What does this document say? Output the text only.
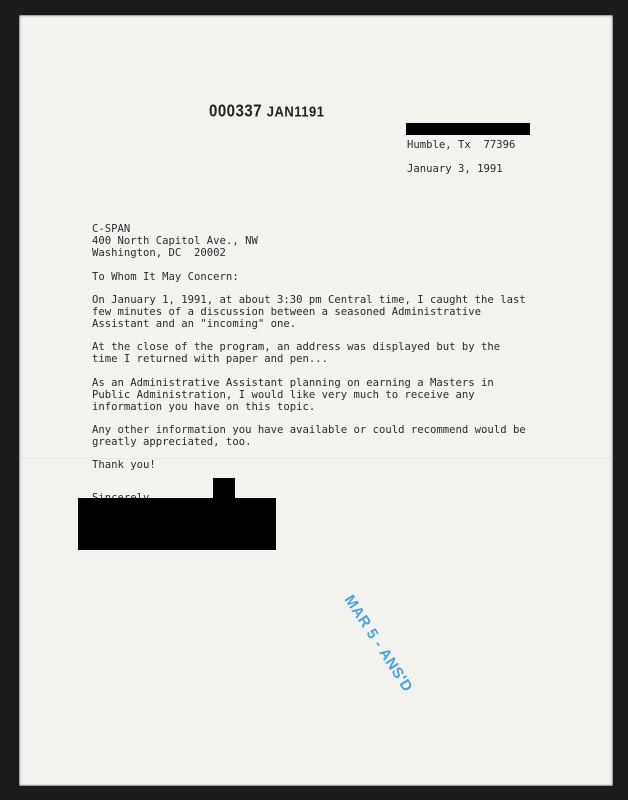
000337 JAN1191
Humble, Tx  77396
January 3, 1991
C-SPAN
400 North Capitol Ave., NW
Washington, DC  20002
To Whom It May Concern:
On January 1, 1991, at about 3:30 pm Central time, I caught the last
few minutes of a discussion between a seasoned Administrative
Assistant and an "incoming" one.
At the close of the program, an address was displayed but by the
time I returned with paper and pen...
As an Administrative Assistant planning on earning a Masters in
Public Administration, I would like very much to receive any
information you have on this topic.
Any other information you have available or could recommend would be
greatly appreciated, too.
Thank you!
MAR 5 - ANS'D
